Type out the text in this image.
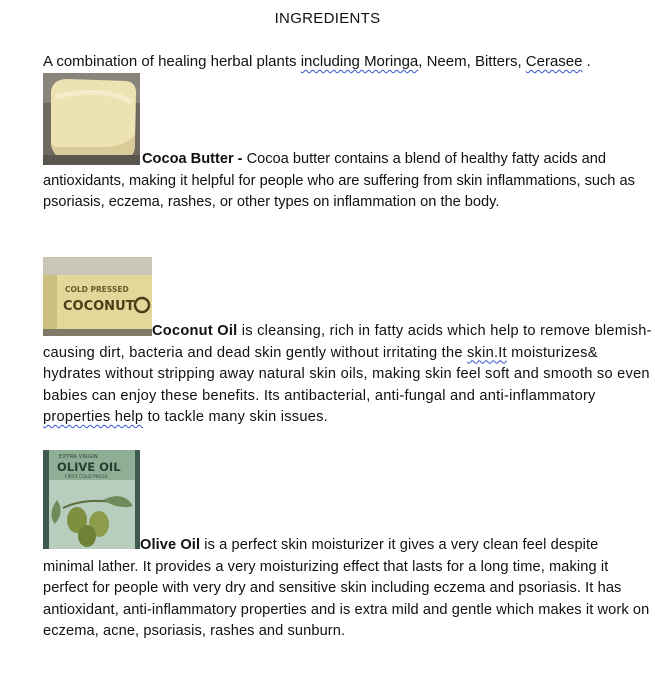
INGREDIENTS
A combination of healing herbal plants including Moringa, Neem, Bitters, Cerasee .
Cocoa Butter - Cocoa butter contains a blend of healthy fatty acids and antioxidants, making it helpful for people who are suffering from skin inflammations, such as psoriasis, eczema, rashes, or other types on inflammation on the body.
COLD PRESSED
COCONUT
Coconut Oil is cleansing, rich in fatty acids which help to remove blemish-causing dirt, bacteria and dead skin gently without irritating the skin.It moisturizes& hydrates without stripping away natural skin oils, making skin feel soft and smooth so even babies can enjoy these benefits. Its antibacterial, anti-fungal and anti-inflammatory properties help to tackle many skin issues.
EXTRA VIRGIN
OLIVE OIL
FIRST COLD PRESS
Olive Oil is a perfect skin moisturizer it gives a very clean feel despite minimal lather. It provides a very moisturizing effect that lasts for a long time, making it perfect for people with very dry and sensitive skin including eczema and psoriasis. It has antioxidant, anti-inflammatory properties and is extra mild and gentle which makes it work on eczema, acne, psoriasis, rashes and sunburn.
